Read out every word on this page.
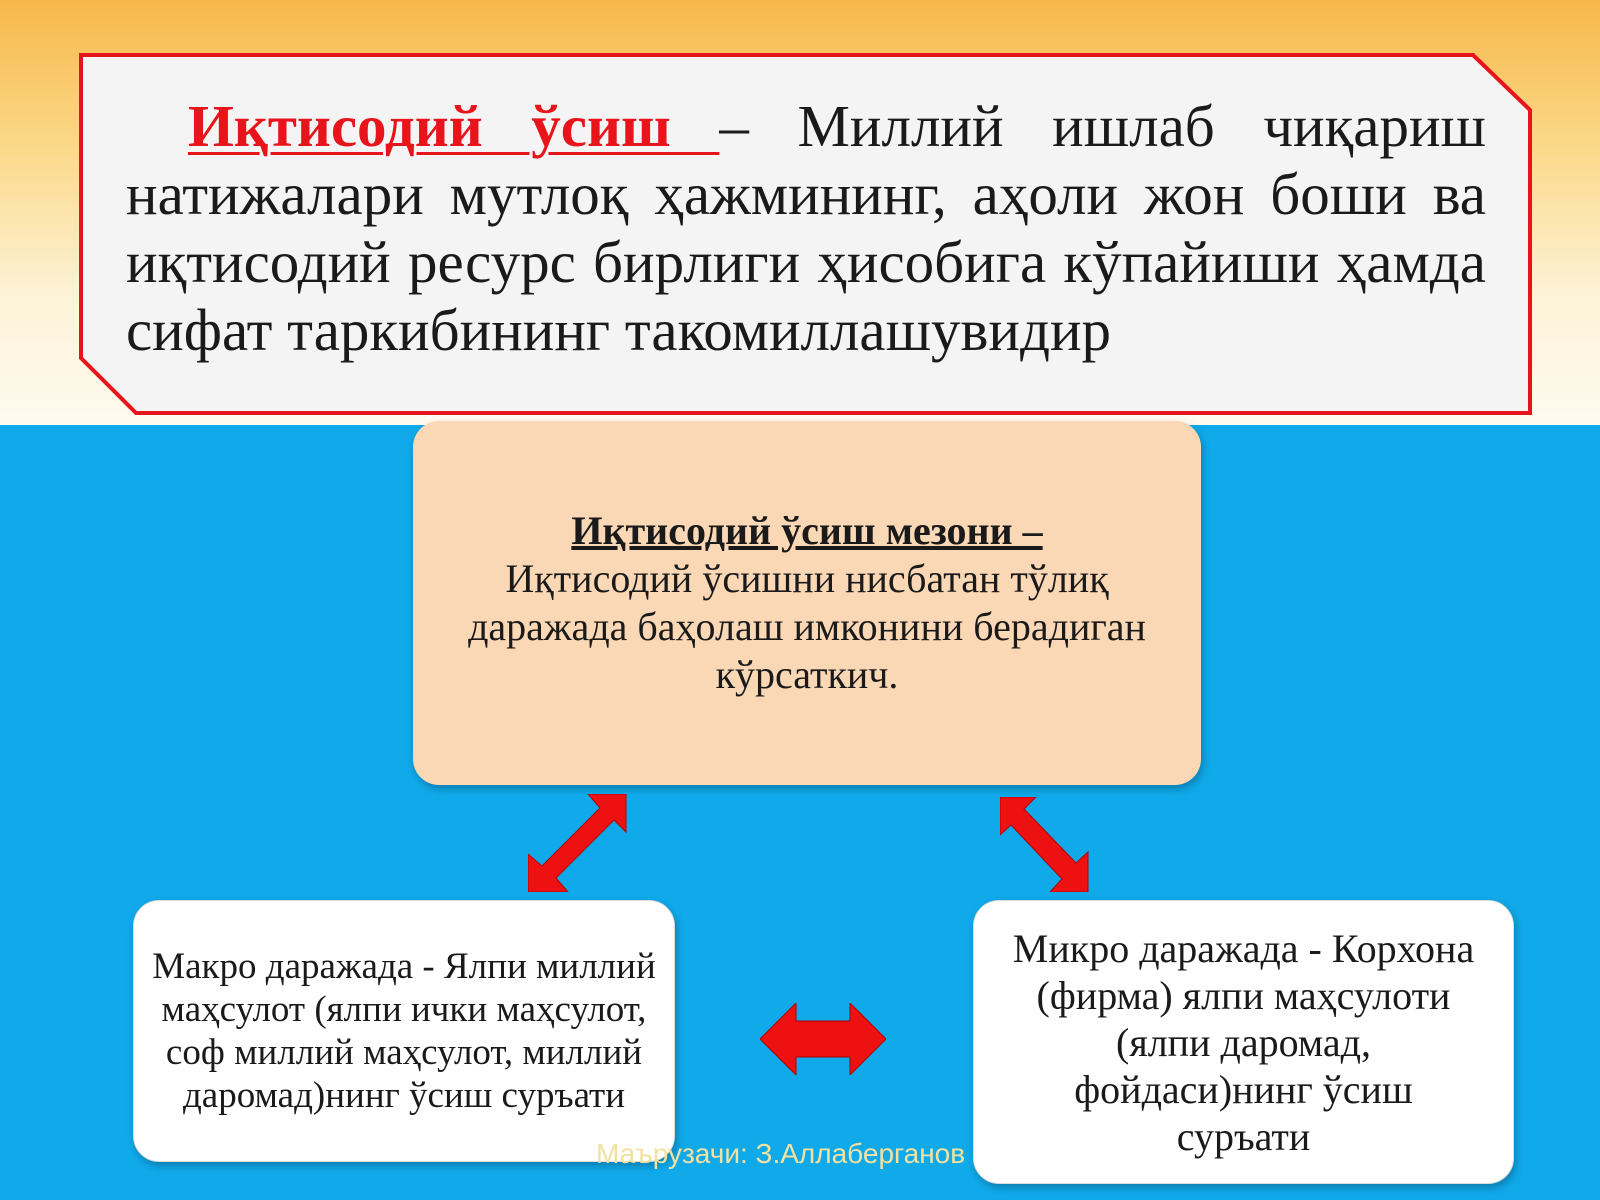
Иқтисодий ўсиш – Миллий ишлаб чиқариш натижалари мутлоқ ҳажмининг, аҳоли жон боши ва иқтисодий ресурс бирлиги ҳисобига кўпайиши ҳамда сифат таркибининг такомиллашувидир
Иқтисодий ўсиш мезони –
Иқтисодий ўсишни нисбатан тўлиқ даражада баҳолаш имконини берадиган кўрсаткич.
Макро даражада - Ялпи миллий маҳсулот (ялпи ички маҳсулот, соф миллий маҳсулот, миллий даромад)нинг ўсиш суръати
Маърузачи: З.Аллаберганов
Микро даражада - Корхона (фирма) ялпи маҳсулоти (ялпи даромад, фойдаси)нинг ўсиш суръати
